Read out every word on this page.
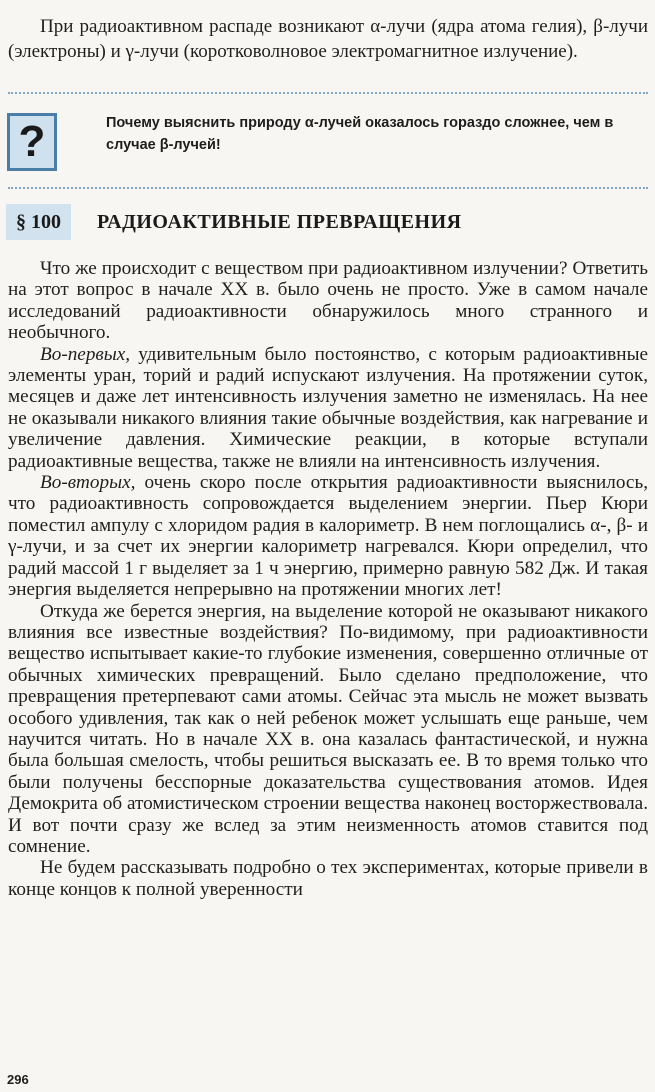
При радиоактивном распаде возникают α-лучи (ядра атома гелия), β-лучи (электроны) и γ-лучи (коротковолновое электромагнитное излучение).
?	Почему выяснить природу α-лучей оказалось гораздо сложнее, чем в случае β-лучей!
§ 100	РАДИОАКТИВНЫЕ ПРЕВРАЩЕНИЯ

Что же происходит с веществом при радиоактивном излучении? Ответить на этот вопрос в начале XX в. было очень не просто. Уже в самом начале исследований радиоактивности обнаружилось много странного и необычного.

Во-первых, удивительным было постоянство, с которым радиоактивные элементы уран, торий и радий испускают излучения. На протяжении суток, месяцев и даже лет интенсивность излучения заметно не изменялась. На нее не оказывали никакого влияния такие обычные воздействия, как нагревание и увеличение давления. Химические реакции, в которые вступали радиоактивные вещества, также не влияли на интенсивность излучения.

Во-вторых, очень скоро после открытия радиоактивности выяснилось, что радиоактивность сопровождается выделением энергии. Пьер Кюри поместил ампулу с хлоридом радия в калориметр. В нем поглощались α-, β- и γ-лучи, и за счет их энергии калориметр нагревался. Кюри определил, что радий массой 1 г выделяет за 1 ч энергию, примерно равную 582 Дж. И такая энергия выделяется непрерывно на протяжении многих лет!

Откуда же берется энергия, на выделение которой не оказывают никакого влияния все известные воздействия? По-видимому, при радиоактивности вещество испытывает какие-то глубокие изменения, совершенно отличные от обычных химических превращений. Было сделано предположение, что превращения претерпевают сами атомы. Сейчас эта мысль не может вызвать особого удивления, так как о ней ребенок может услышать еще раньше, чем научится читать. Но в начале XX в. она казалась фантастической, и нужна была большая смелость, чтобы решиться высказать ее. В то время только что были получены бесспорные доказательства существования атомов. Идея Демокрита об атомистическом строении вещества наконец восторжествовала. И вот почти сразу же вслед за этим неизменность атомов ставится под сомнение.

Не будем рассказывать подробно о тех экспериментах, которые привели в конце концов к полной уверенности

296
